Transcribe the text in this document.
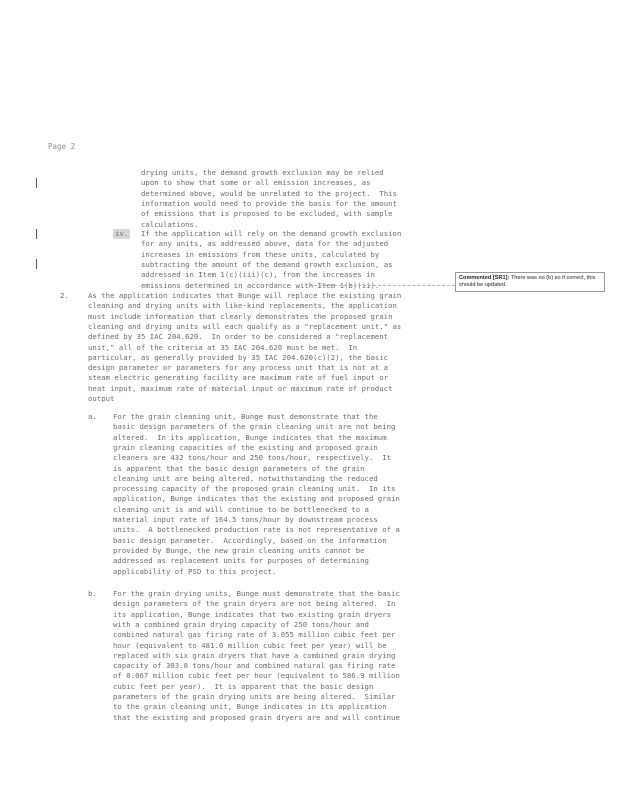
Page 2
drying units, the demand growth exclusion may be relied
upon to show that some or all emission increases, as
determined above, would be unrelated to the project.  This
information would need to provide the basis for the amount
of emissions that is proposed to be excluded, with sample
calculations.
iv. If the application will rely on the demand growth exclusion
for any units, as addressed above, data for the adjusted
increases in emissions from these units, calculated by
subtracting the amount of the demand growth exclusion, as
addressed in Item 1(c)(iii)(c), from the increases in
emissions determined in accordance with Item 1(b)(ii).
2.	As the application indicates that Bunge will replace the existing grain
cleaning and drying units with like-kind replacements, the application
must include information that clearly demonstrates the proposed grain
cleaning and drying units will each qualify as a "replacement unit," as
defined by 35 IAC 204.620.  In order to be considered a "replacement
unit," all of the criteria at 35 IAC 204.620 must be met.  In
particular, as generally provided by 35 IAC 204.620(c)(2), the basic
design parameter or parameters for any process unit that is not at a
steam electric generating facility are maximum rate of fuel input or
heat input, maximum rate of material input or maximum rate of product
output
a. For the grain cleaning unit, Bunge must demonstrate that the
basic design parameters of the grain cleaning unit are not being
altered.  In its application, Bunge indicates that the maximum
grain cleaning capacities of the existing and proposed grain
cleaners are 432 tons/hour and 250 tons/hour, respectively.  It
is apparent that the basic design parameters of the grain
cleaning unit are being altered, notwithstanding the reduced
processing capacity of the proposed grain cleaning unit.  In its
application, Bunge indicates that the existing and proposed grain
cleaning unit is and will continue to be bottlenecked to a
material input rate of 164.5 tons/hour by downstream process
units.  A bottlenecked production rate is not representative of a
basic design parameter.  Accordingly, based on the information
provided by Bunge, the new grain cleaning units cannot be
addressed as replacement units for purposes of determining
applicability of PSD to this project.
b. For the grain drying units, Bunge must demonstrate that the basic
design parameters of the grain dryers are not being altered.  In
its application, Bunge indicates that two existing grain dryers
with a combined grain drying capacity of 250 tons/hour and
combined natural gas firing rate of 3.055 million cubic feet per
hour (equivalent to 481.0 million cubic feet per year) will be
replaced with six grain dryers that have a combined grain drying
capacity of 303.8 tons/hour and combined natural gas firing rate
of 0.067 million cubic feet per hour (equivalent to 586.9 million
cubic feet per year).  It is apparent that the basic design
parameters of the grain drying units are being altered.  Similar
to the grain cleaning unit, Bunge indicates in its application
that the existing and proposed grain dryers are and will continue
Commented [SR1]: There was no (b) so if correct, this should be updated.
